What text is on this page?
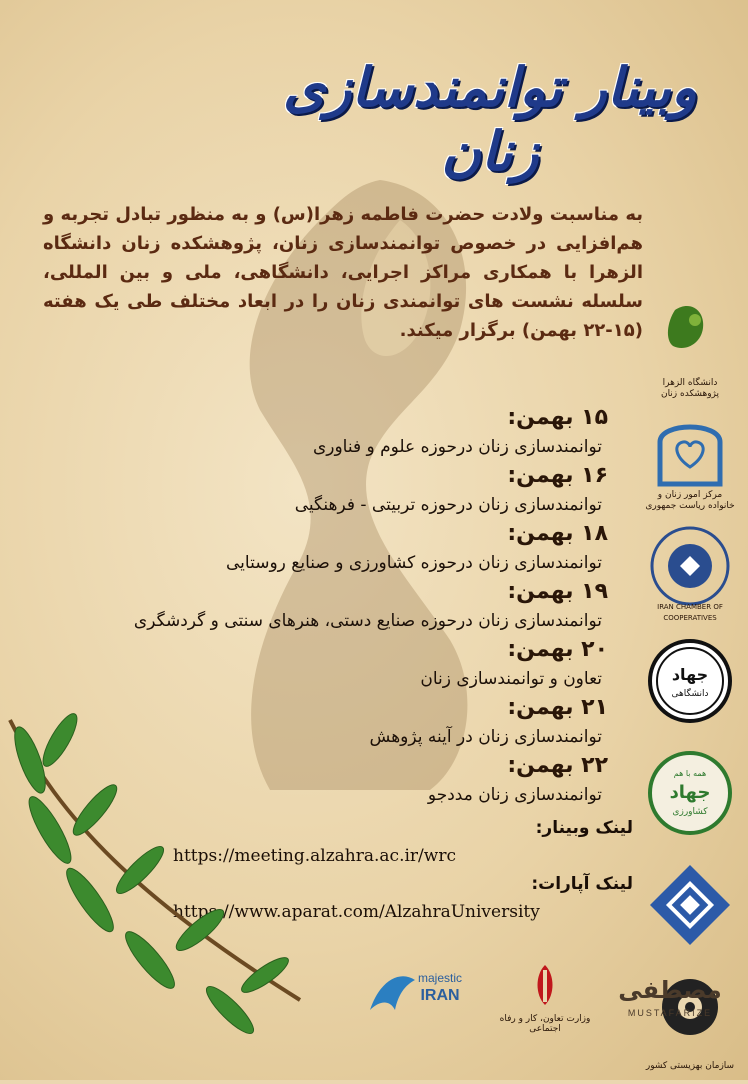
وبینار توانمندسازی زنان
به مناسبت ولادت حضرت فاطمه زهرا(س) و به منظور تبادل تجربه و هم‌افزایی در خصوص توانمندسازی زنان، پژوهشکده زنان دانشگاه الزهرا با همکاری مراکز اجرایی، دانشگاهی، ملی و بین المللی، سلسله نشست های توانمندی زنان را در ابعاد مختلف طی یک هفته (۱۵-۲۲ بهمن) برگزار میکند.
۱۵ بهمن:
توانمندسازی زنان درحوزه علوم و فناوری
۱۶ بهمن:
توانمندسازی زنان درحوزه تربیتی - فرهنگیی
۱۸ بهمن:
توانمندسازی زنان درحوزه کشاورزی و صنایع روستایی
۱۹ بهمن:
توانمندسازی زنان درحوزه صنایع دستی، هنرهای سنتی و گردشگری
۲۰ بهمن:
تعاون و توانمندسازی زنان
۲۱ بهمن:
توانمندسازی زنان در آینه پژوهش
۲۲ بهمن:
توانمندسازی زنان مددجو
لینک وبینار:
https://meeting.alzahra.ac.ir/wrc
لینک آپارات:
https://www.aparat.com/AlzahraUniversity
دانشگاه الزهرا پژوهشکده زنان
مرکز امور زنان و خانواده ریاست جمهوری
IRAN CHAMBER OF COOPERATIVES
جهاد
دانشگاهی
همه با هم
جهاد
کشاورزی
سازمان بهزیستی کشور
majestic
IRAN
وزارت تعاون، کار و رفاه اجتماعی
مصطفی
MUSTAFARIZE
